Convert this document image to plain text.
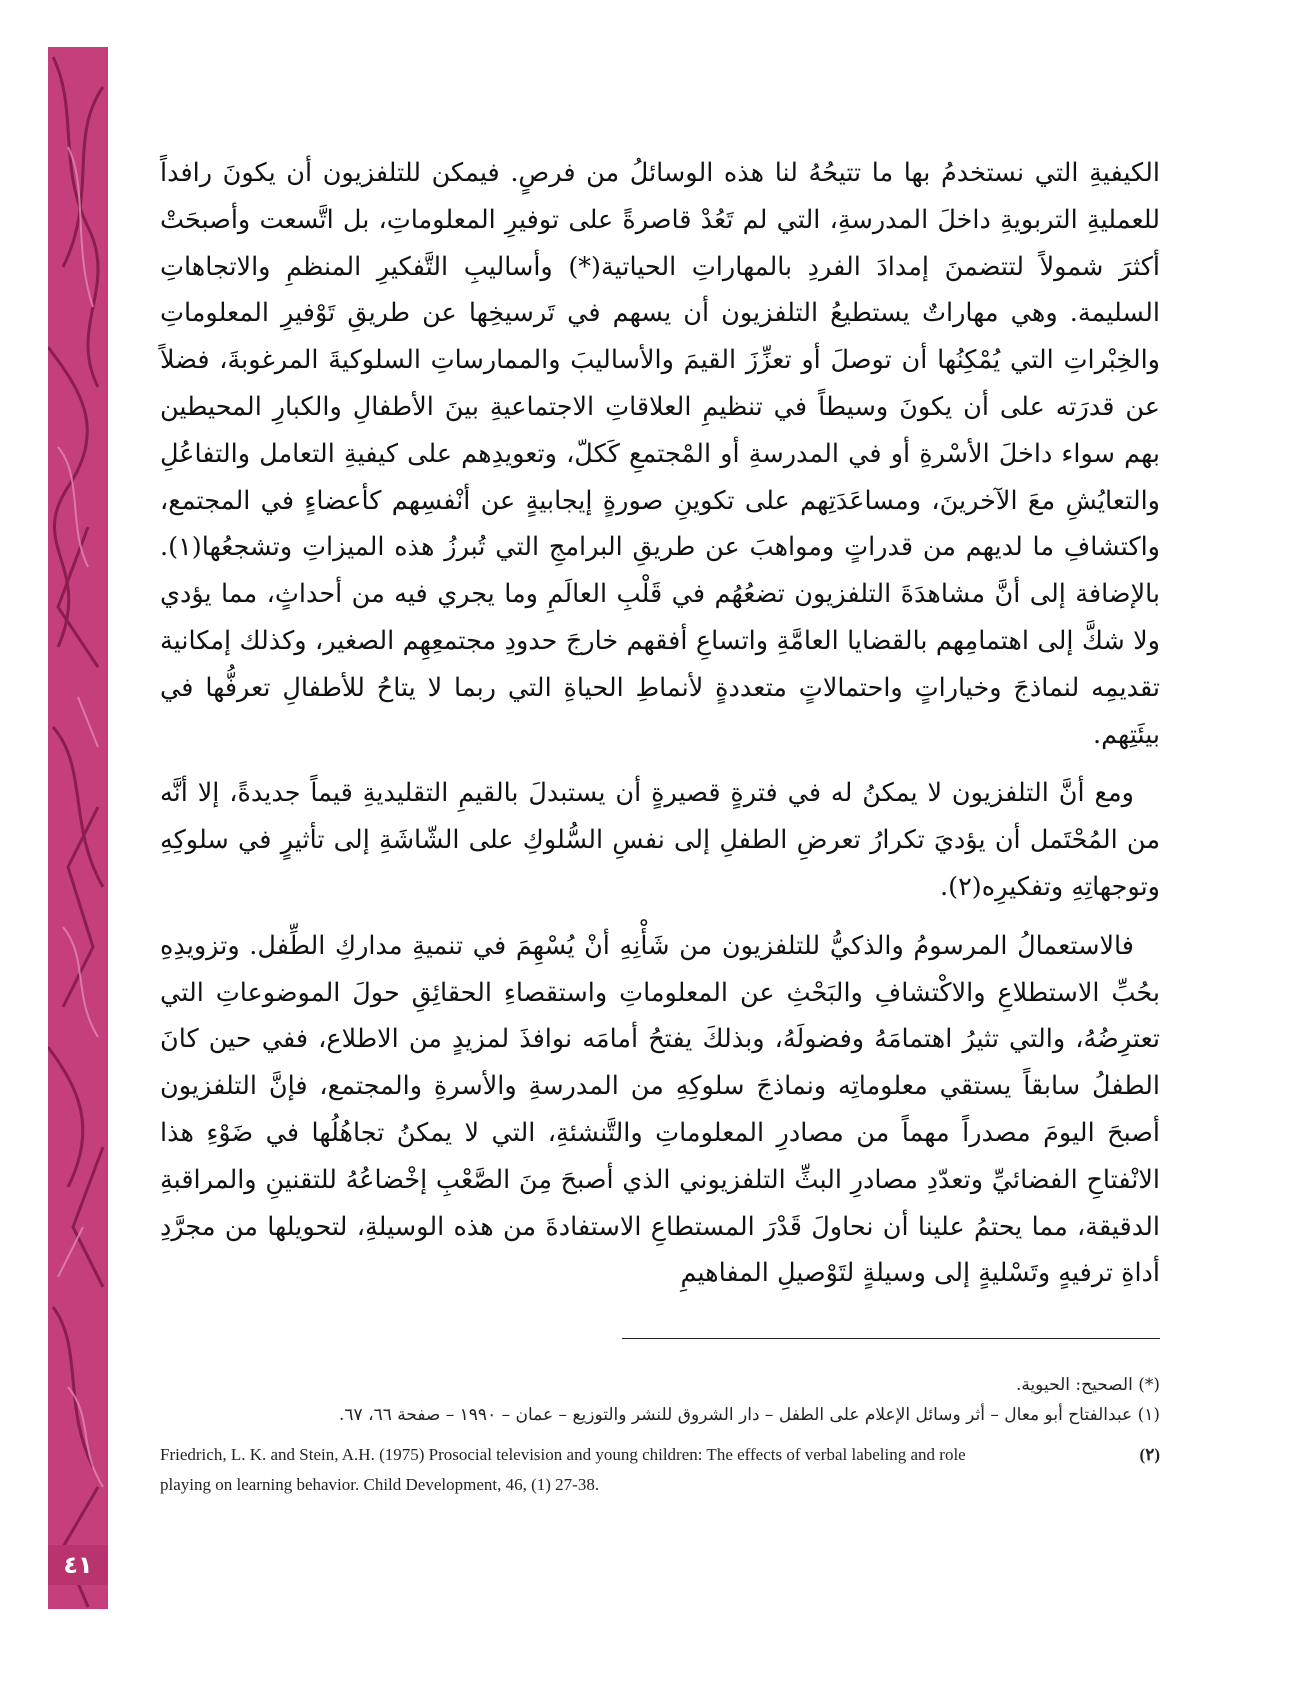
٤١

الكيفيةِ التي نستخدمُ بها ما تتيحُهُ لنا هذه الوسائلُ من فرصٍ. فيمكن للتلفزيون أن يكونَ رافداً للعمليةِ التربويةِ داخلَ المدرسةِ، التي لم تَعُدْ قاصرةً على توفيرِ المعلوماتِ، بل اتَّسعت وأصبحَتْ أكثرَ شمولاً لتتضمنَ إمدادَ الفردِ بالمهاراتِ الحياتية(*) وأساليبِ التَّفكيرِ المنظمِ والاتجاهاتِ السليمة. وهي مهاراتٌ يستطيعُ التلفزيون أن يسهم في تَرسيخِها عن طريقِ تَوْفيرِ المعلوماتِ والخِبْراتِ التي يُمْكِنُها أن توصلَ أو تعزِّزَ القيمَ والأساليبَ والممارساتِ السلوكيةَ المرغوبةَ، فضلاً عن قدرَته على أن يكونَ وسيطاً في تنظيمِ العلاقاتِ الاجتماعيةِ بينَ الأطفالِ والكبارِ المحيطين بهم سواء داخلَ الأسْرةِ أو في المدرسةِ أو المْجتمعِ كَكلّ، وتعويدِهم على كيفيةِ التعامل والتفاعُلِ والتعايُشِ معَ الآخرينَ، ومساعَدَتِهم على تكوينِ صورةٍ إيجابيةٍ عن أنْفسِهم كأعضاءٍ في المجتمع، واكتشافِ ما لديهم من قدراتٍ ومواهبَ عن طريقِ البرامجِ التي تُبرزُ هذه الميزاتِ وتشجعُها(١). بالإضافة إلى أنَّ مشاهدَةَ التلفزيون تضعُهُم في قَلْبِ العالَمِ وما يجري فيه من أحداثٍ، مما يؤدي ولا شكَّ إلى اهتمامِهم بالقضايا العامَّةِ واتساعِ أفقهم خارجَ حدودِ مجتمعِهِم الصغير، وكذلك إمكانية تقديمِه لنماذجَ وخياراتٍ واحتمالاتٍ متعددةٍ لأنماطِ الحياةِ التي ربما لا يتاحُ للأطفالِ تعرفُّها في بيئَتِهم.

ومع أنَّ التلفزيون لا يمكنُ له في فترةٍ قصيرةٍ أن يستبدلَ بالقيمِ التقليديةِ قيماً جديدةً، إلا أنَّه من المُحْتَمل أن يؤديَ تكرارُ تعرضِ الطفلِ إلى نفسِ السُّلوكِ على الشّاشَةِ إلى تأثيرٍ في سلوكِهِ وتوجهاتِهِ وتفكيرِه(٢).

فالاستعمالُ المرسومُ والذكيُّ للتلفزيون من شَأْنِهِ أنْ يُسْهِمَ في تنميةِ مداركِ الطِّفل. وتزويدِهِ بحُبِّ الاستطلاعِ والاكْتشافِ والبَحْثِ عن المعلوماتِ واستقصاءِ الحقائِقِ حولَ الموضوعاتِ التي تعترِضُهُ، والتي تثيرُ اهتمامَهُ وفضولَهُ، وبذلكَ يفتحُ أمامَه نوافذَ لمزيدٍ من الاطلاع، ففي حين كانَ الطفلُ سابقاً يستقي معلوماتِه ونماذجَ سلوكِهِ من المدرسةِ والأسرةِ والمجتمع، فإنَّ التلفزيون أصبحَ اليومَ مصدراً مهماً من مصادرِ المعلوماتِ والتَّنشئةِ، التي لا يمكنُ تجاهُلُها في ضَوْءِ هذا الانْفتاحِ الفضائيِّ وتعدّدِ مصادرِ البثِّ التلفزيوني الذي أصبحَ مِنَ الصَّعْبِ إخْضاعُهُ للتقنينِ والمراقبةِ الدقيقة، مما يحتمُ علينا أن نحاولَ قَدْرَ المستطاعِ الاستفادةَ من هذه الوسيلةِ، لتحويلها من مجرَّدِ أداةِ ترفيهٍ وتَسْليةٍ إلى وسيلةٍ لتَوْصيلِ المفاهيمِ

(*) الصحيح: الحيوية.

(١) عبدالفتاح أبو معال – أثر وسائل الإعلام على الطفل – دار الشروق للنشر والتوزيع – عمان – ١٩٩٠ – صفحة ٦٦، ٦٧.

(٢)
Friedrich, L. K. and Stein, A.H. (1975) Prosocial television and young children: The effects of verbal labeling and role
playing on learning behavior. Child Development, 46, (1) 27-38.
